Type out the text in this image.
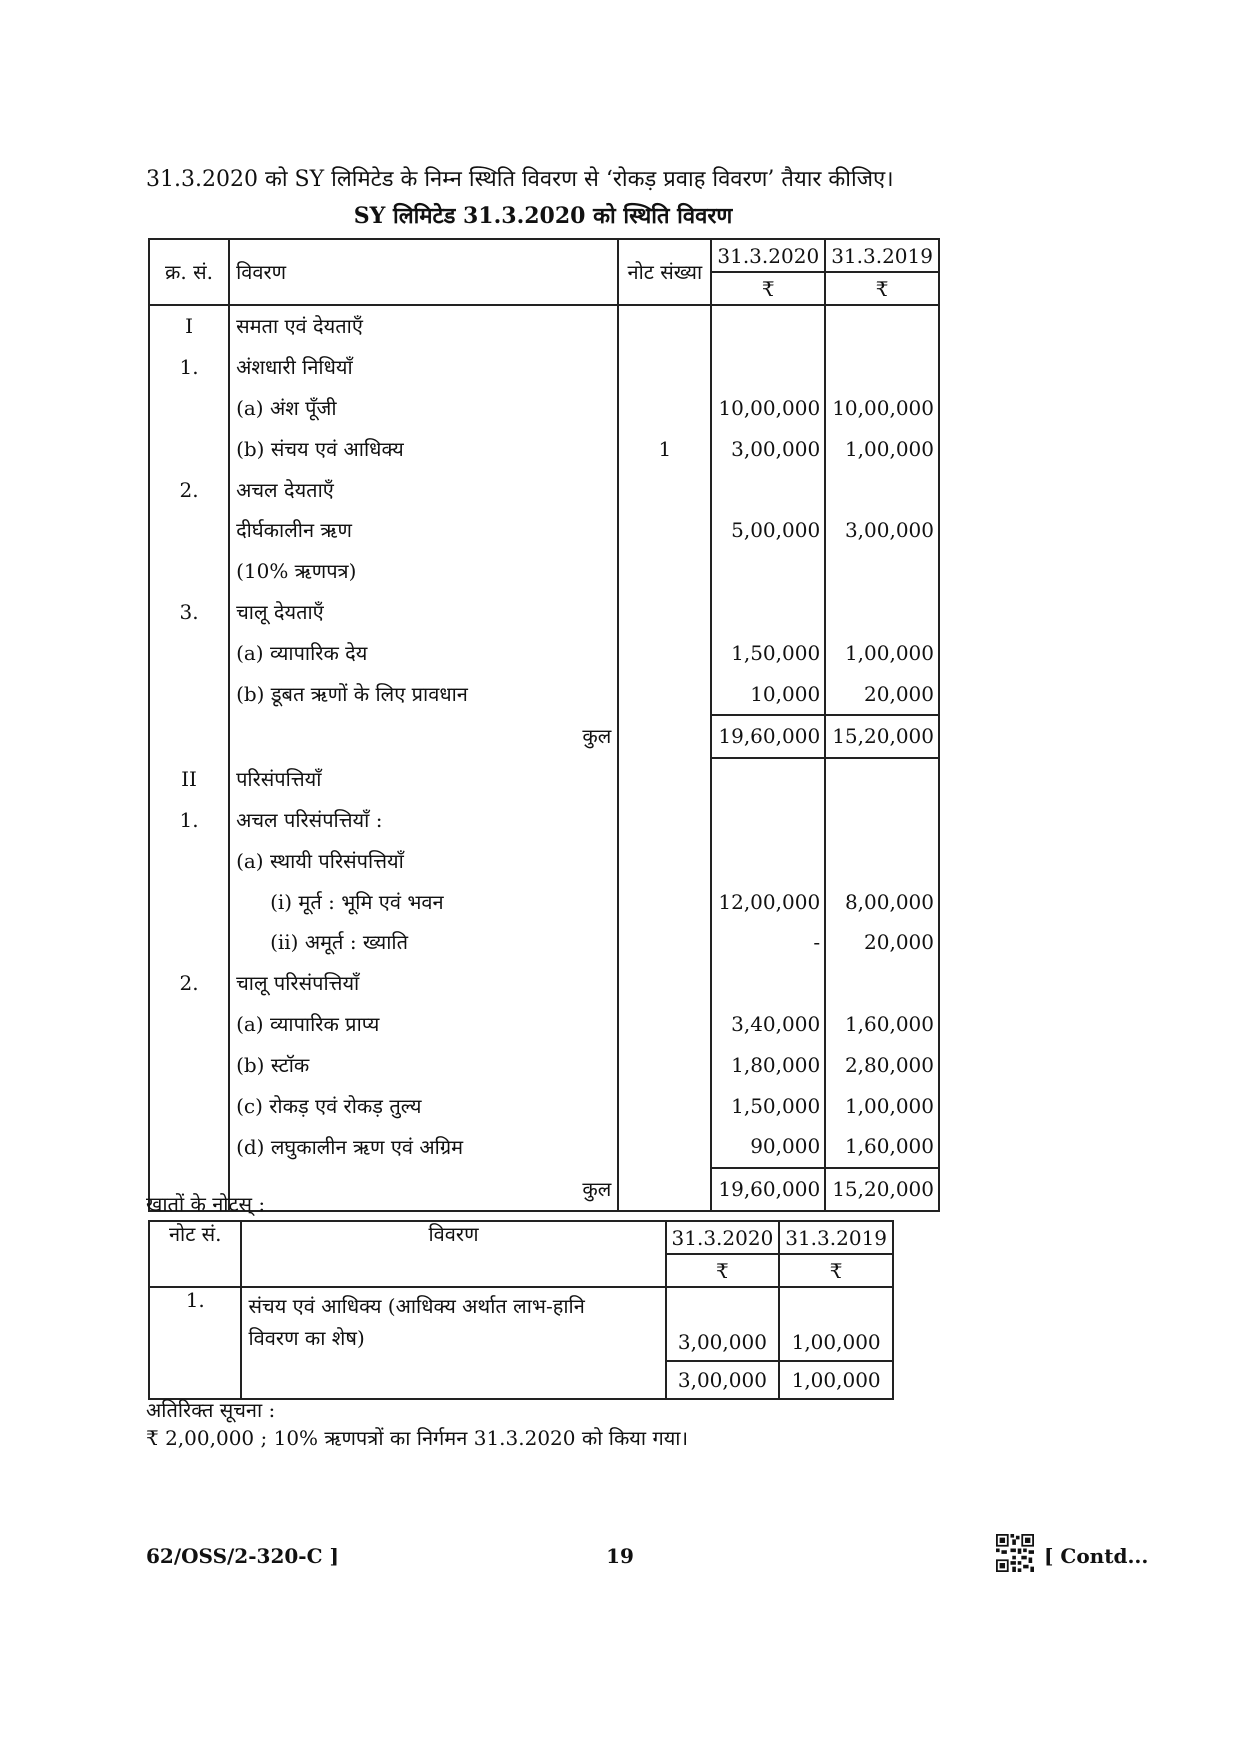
31.3.2020 को SY लिमिटेड के निम्न स्थिति विवरण से ‘रोकड़ प्रवाह विवरण’ तैयार कीजिए।
SY लिमिटेड 31.3.2020 को स्थिति विवरण
क्र. सं.	विवरण	नोट संख्या	31.3.2020	31.3.2019
			₹	₹
I	समता एवं देयताएँ			
1.	अंशधारी निधियाँ			
	(a) अंश पूँजी		10,00,000	10,00,000
	(b) संचय एवं आधिक्य	1	3,00,000	1,00,000
2.	अचल देयताएँ			
	दीर्घकालीन ऋण		5,00,000	3,00,000
	(10% ऋणपत्र)			
3.	चालू देयताएँ			
	(a) व्यापारिक देय		1,50,000	1,00,000
	(b) डूबत ऋणों के लिए प्रावधान		10,000	20,000
	कुल		19,60,000	15,20,000
II	परिसंपत्तियाँ			
1.	अचल परिसंपत्तियाँ :			
	(a) स्थायी परिसंपत्तियाँ			
	(i) मूर्त : भूमि एवं भवन		12,00,000	8,00,000
	(ii) अमूर्त : ख्याति		-	20,000
2.	चालू परिसंपत्तियाँ			
	(a) व्यापारिक प्राप्य		3,40,000	1,60,000
	(b) स्टॉक		1,80,000	2,80,000
	(c) रोकड़ एवं रोकड़ तुल्य		1,50,000	1,00,000
	(d) लघुकालीन ऋण एवं अग्रिम		90,000	1,60,000
	कुल		19,60,000	15,20,000
खातों के नोटस् :
नोट सं.	विवरण	31.3.2020	31.3.2019
		₹	₹
1.	संचय एवं आधिक्य (आधिक्य अर्थात लाभ-हानि
विवरण का शेष)		

		3,00,000	1,00,000
		3,00,000	1,00,000
अतिरिक्त सूचना :
₹ 2,00,000 ; 10% ऋणपत्रों का निर्गमन 31.3.2020 को किया गया।
62/OSS/2-320-C ]	19	[ Contd...
